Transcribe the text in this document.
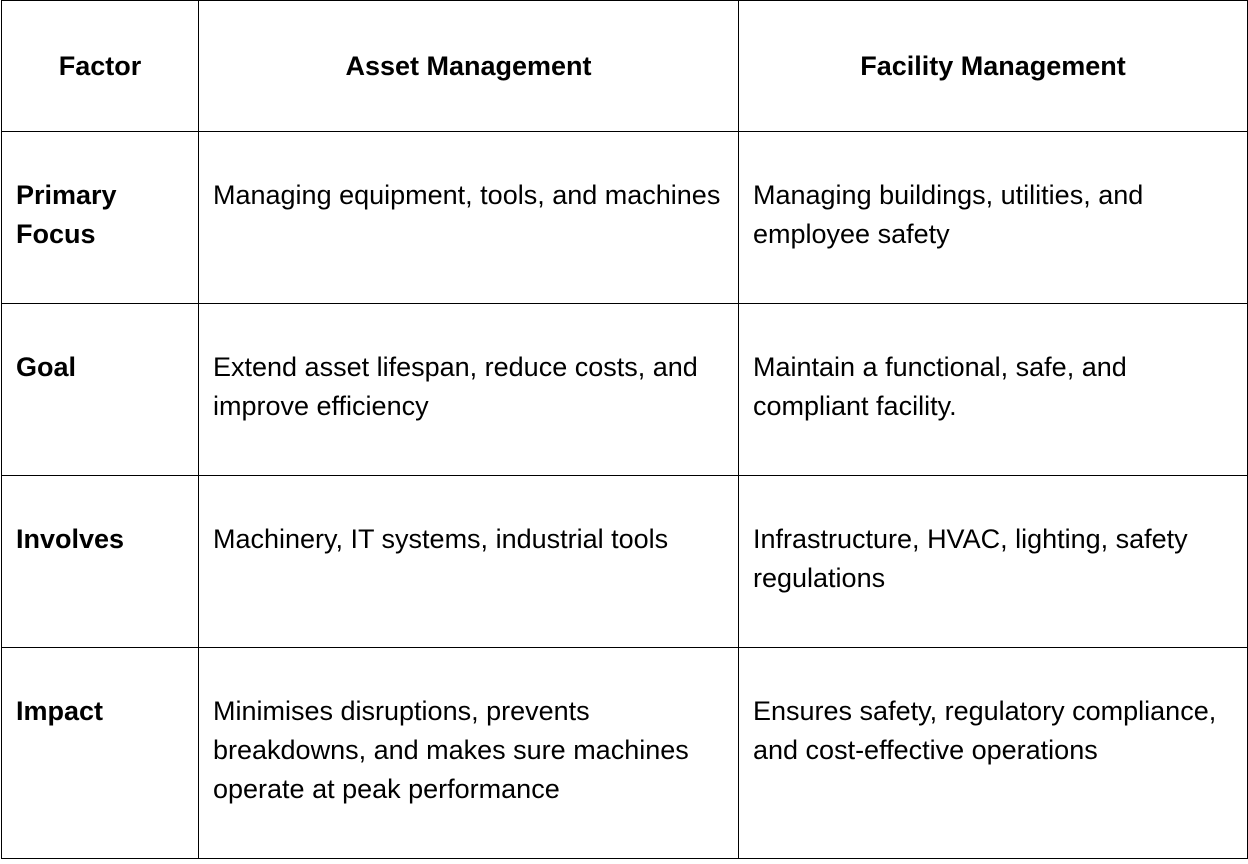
Factor	Asset Management	Facility Management
Primary Focus	Managing equipment, tools, and machines	Managing buildings, utilities, and employee safety
Goal	Extend asset lifespan, reduce costs, and improve efficiency	Maintain a functional, safe, and compliant facility.
Involves	Machinery, IT systems, industrial tools	Infrastructure, HVAC, lighting, safety regulations
Impact	Minimises disruptions, prevents breakdowns, and makes sure machines operate at peak performance	Ensures safety, regulatory compliance, and cost-effective operations
